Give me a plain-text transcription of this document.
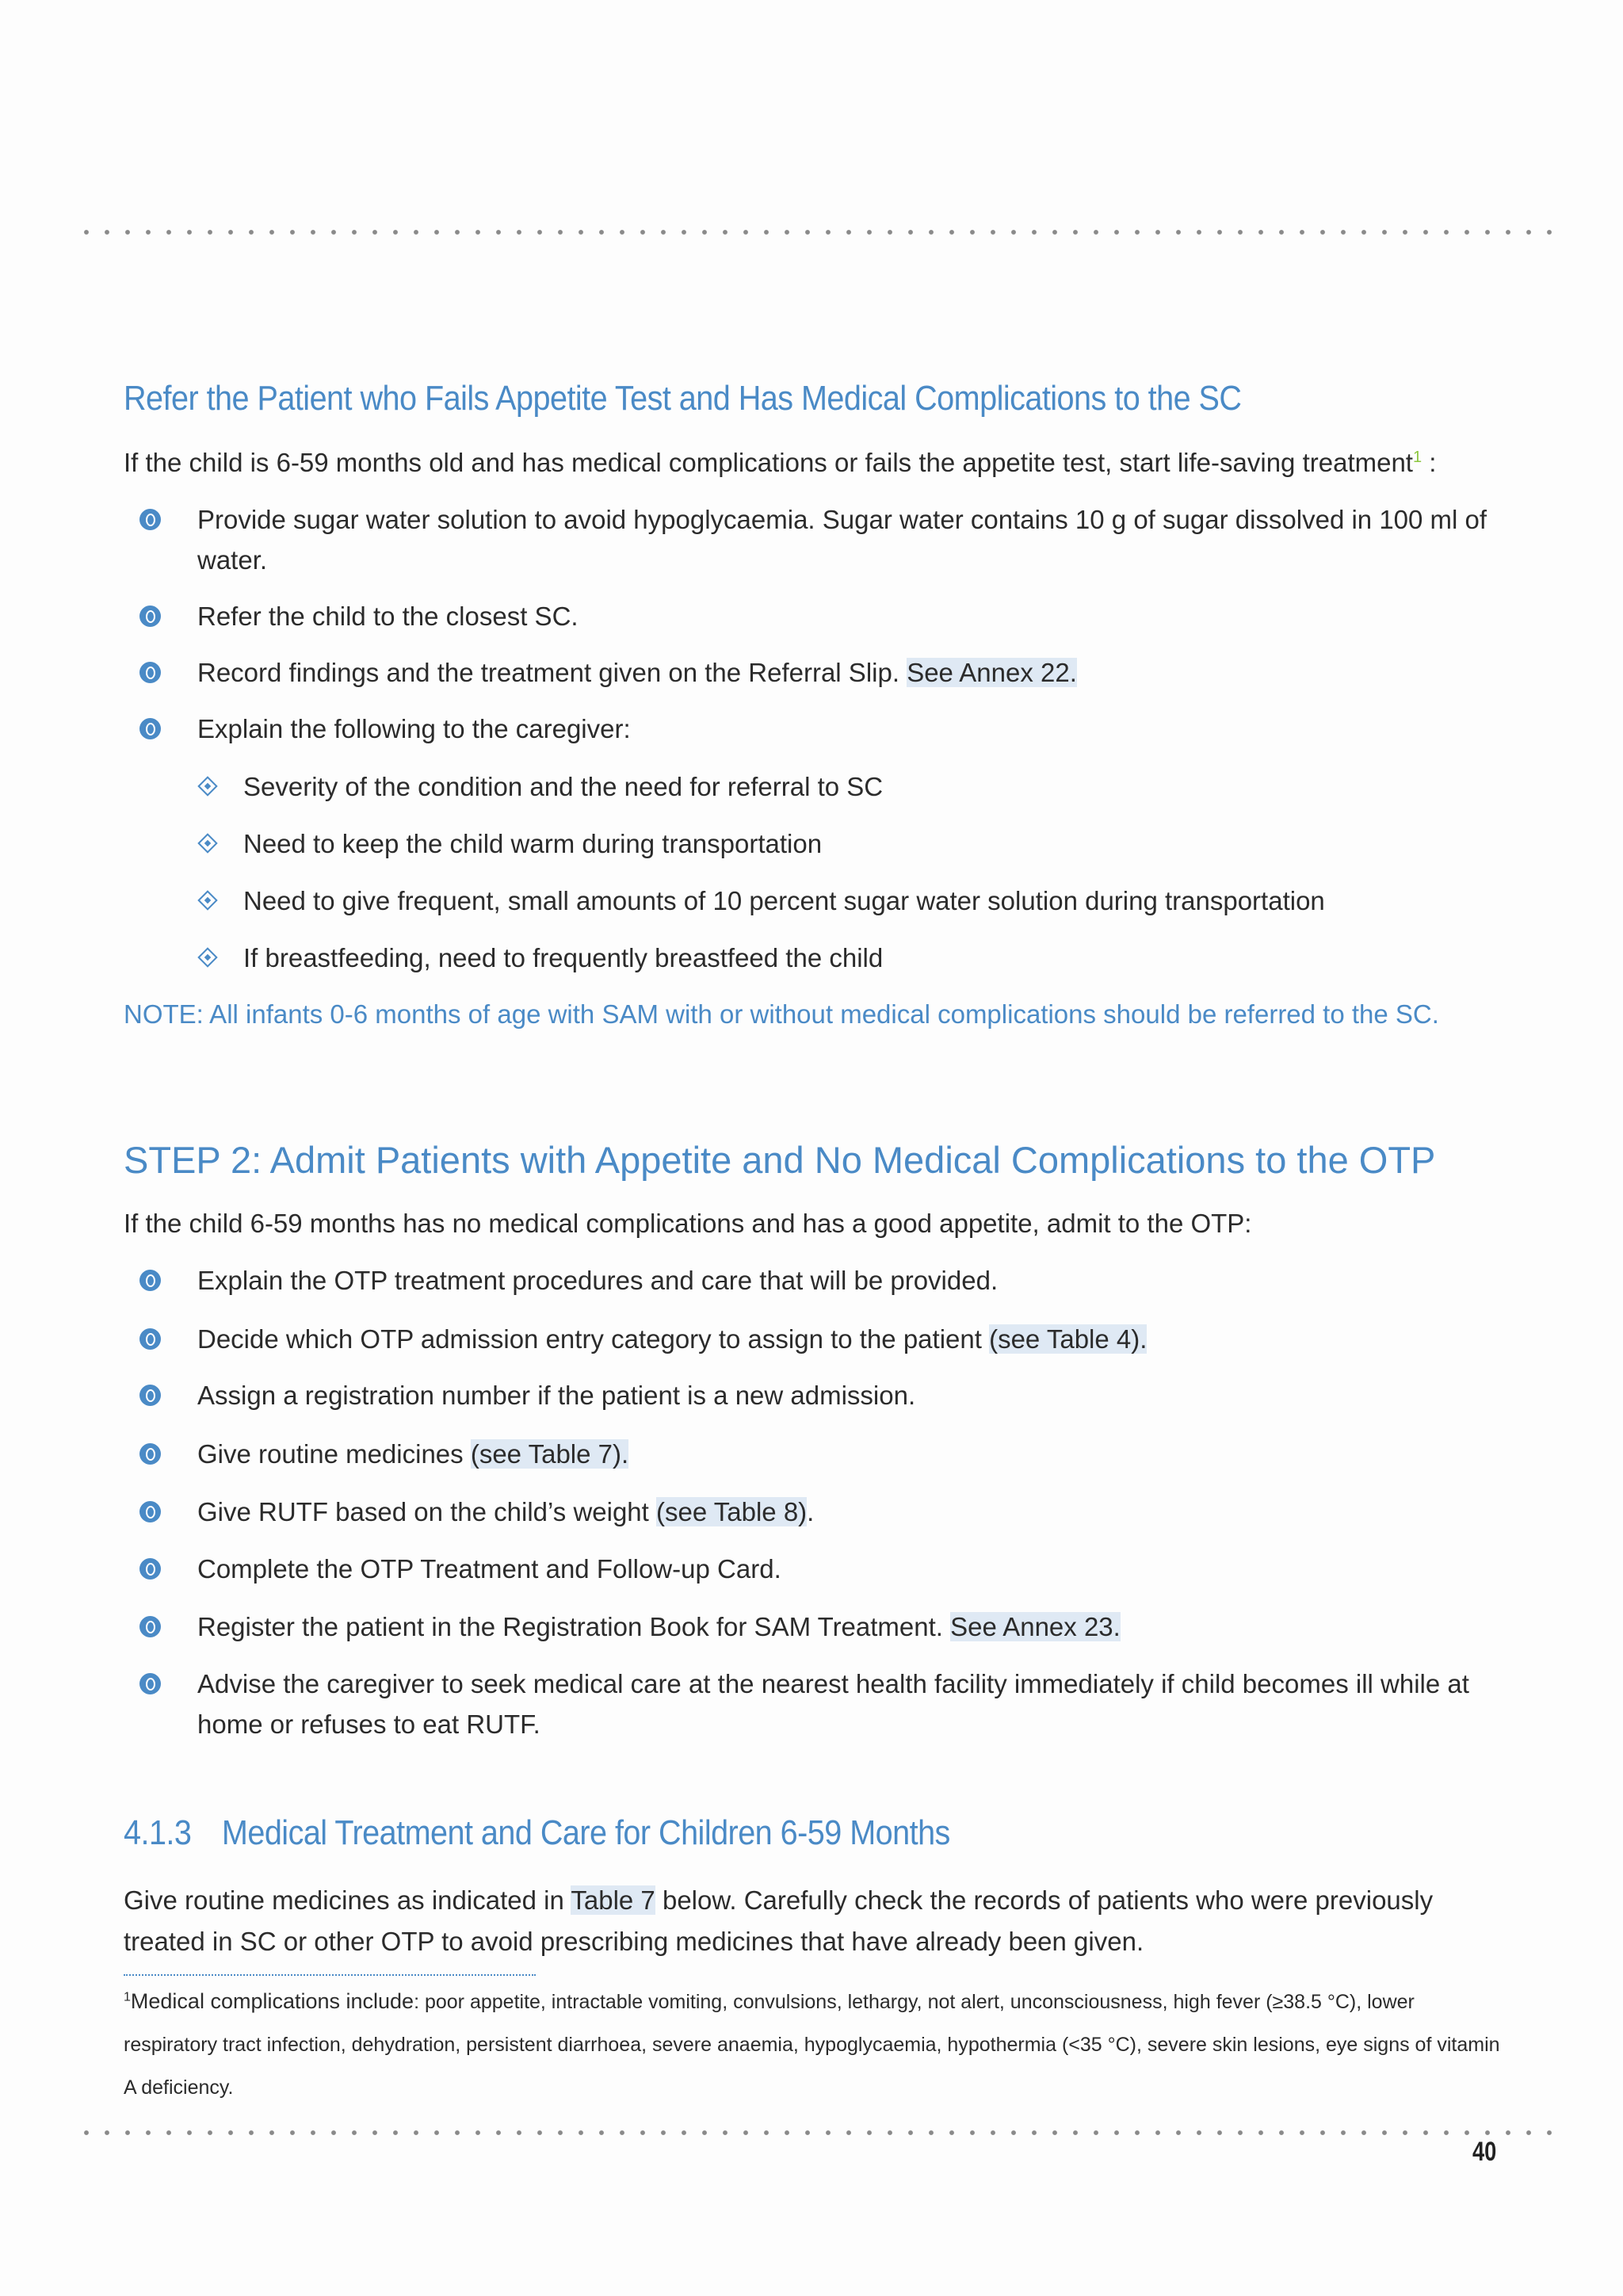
Refer the Patient who Fails Appetite Test and Has Medical Complications to the SC
If the child is 6-59 months old and has medical complications or fails the appetite test, start life-saving treatment$^1$ :
Provide sugar water solution to avoid hypoglycaemia. Sugar water contains 10 g of sugar dissolved in 100 ml of water.
Refer the child to the closest SC.
Record findings and the treatment given on the Referral Slip. See Annex 22.
Explain the following to the caregiver:
Severity of the condition and the need for referral to SC
Need to keep the child warm during transportation
Need to give frequent, small amounts of 10 percent sugar water solution during transportation
If breastfeeding, need to frequently breastfeed the child
NOTE: All infants 0-6 months of age with SAM with or without medical complications should be referred to the SC.
STEP 2: Admit Patients with Appetite and No Medical Complications to the OTP
If the child 6-59 months has no medical complications and has a good appetite, admit to the OTP:
Explain the OTP treatment procedures and care that will be provided.
Decide which OTP admission entry category to assign to the patient (see Table 4).
Assign a registration number if the patient is a new admission.
Give routine medicines (see Table 7).
Give RUTF based on the child’s weight (see Table 8).
Complete the OTP Treatment and Follow-up Card.
Register the patient in the Registration Book for SAM Treatment. See Annex 23.
Advise the caregiver to seek medical care at the nearest health facility immediately if child becomes ill while at home or refuses to eat RUTF.
4.1.3  Medical Treatment and Care for Children 6-59 Months
Give routine medicines as indicated in Table 7 below. Carefully check the records of patients who were previously treated in SC or other OTP to avoid prescribing medicines that have already been given.
$^1$Medical complications include: poor appetite, intractable vomiting, convulsions, lethargy, not alert, unconsciousness, high fever (≥38.5 °C), lower respiratory tract infection, dehydration, persistent diarrhoea, severe anaemia, hypoglycaemia, hypothermia (<35 °C), severe skin lesions, eye signs of vitamin A deficiency.
40
